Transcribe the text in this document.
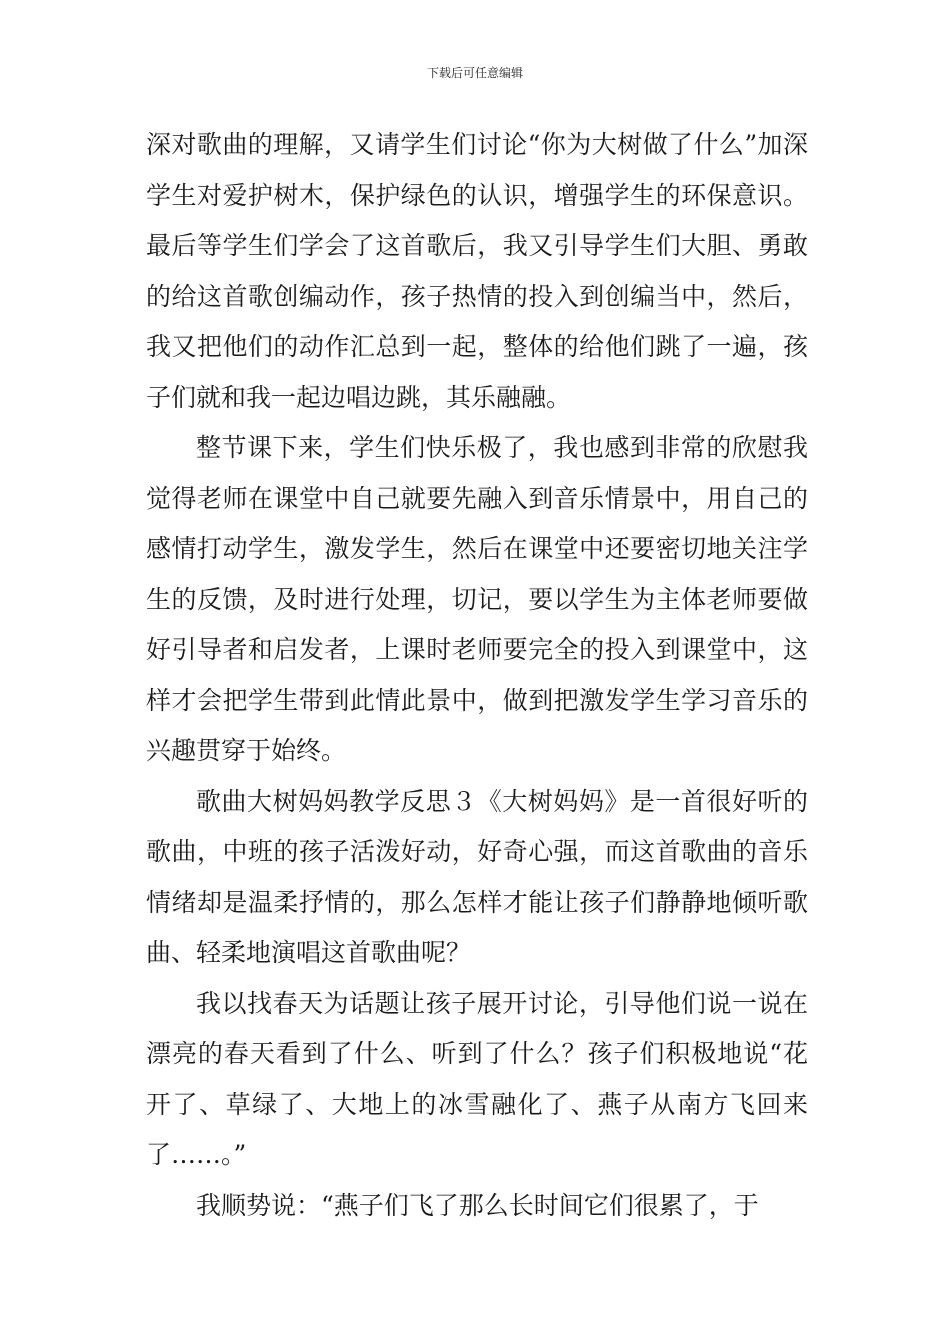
下载后可任意编辑

深对歌曲的理解，又请学生们讨论“你为大树做了什么”加深学生对爱护树木，保护绿色的认识，增强学生的环保意识。最后等学生们学会了这首歌后，我又引导学生们大胆、勇敢的给这首歌创编动作，孩子热情的投入到创编当中，然后，我又把他们的动作汇总到一起，整体的给他们跳了一遍，孩子们就和我一起边唱边跳，其乐融融。

整节课下来，学生们快乐极了，我也感到非常的欣慰我觉得老师在课堂中自己就要先融入到音乐情景中，用自己的感情打动学生，激发学生，然后在课堂中还要密切地关注学生的反馈，及时进行处理，切记，要以学生为主体老师要做好引导者和启发者，上课时老师要完全的投入到课堂中，这样才会把学生带到此情此景中，做到把激发学生学习音乐的兴趣贯穿于始终。

歌曲大树妈妈教学反思３《大树妈妈》是一首很好听的歌曲，中班的孩子活泼好动，好奇心强，而这首歌曲的音乐情绪却是温柔抒情的，那么怎样才能让孩子们静静地倾听歌曲、轻柔地演唱这首歌曲呢？

我以找春天为话题让孩子展开讨论，引导他们说一说在漂亮的春天看到了什么、听到了什么？孩子们积极地说“花开了、草绿了、大地上的冰雪融化了、燕子从南方飞回来了……。”

我顺势说：“燕子们飞了那么长时间它们很累了，于
